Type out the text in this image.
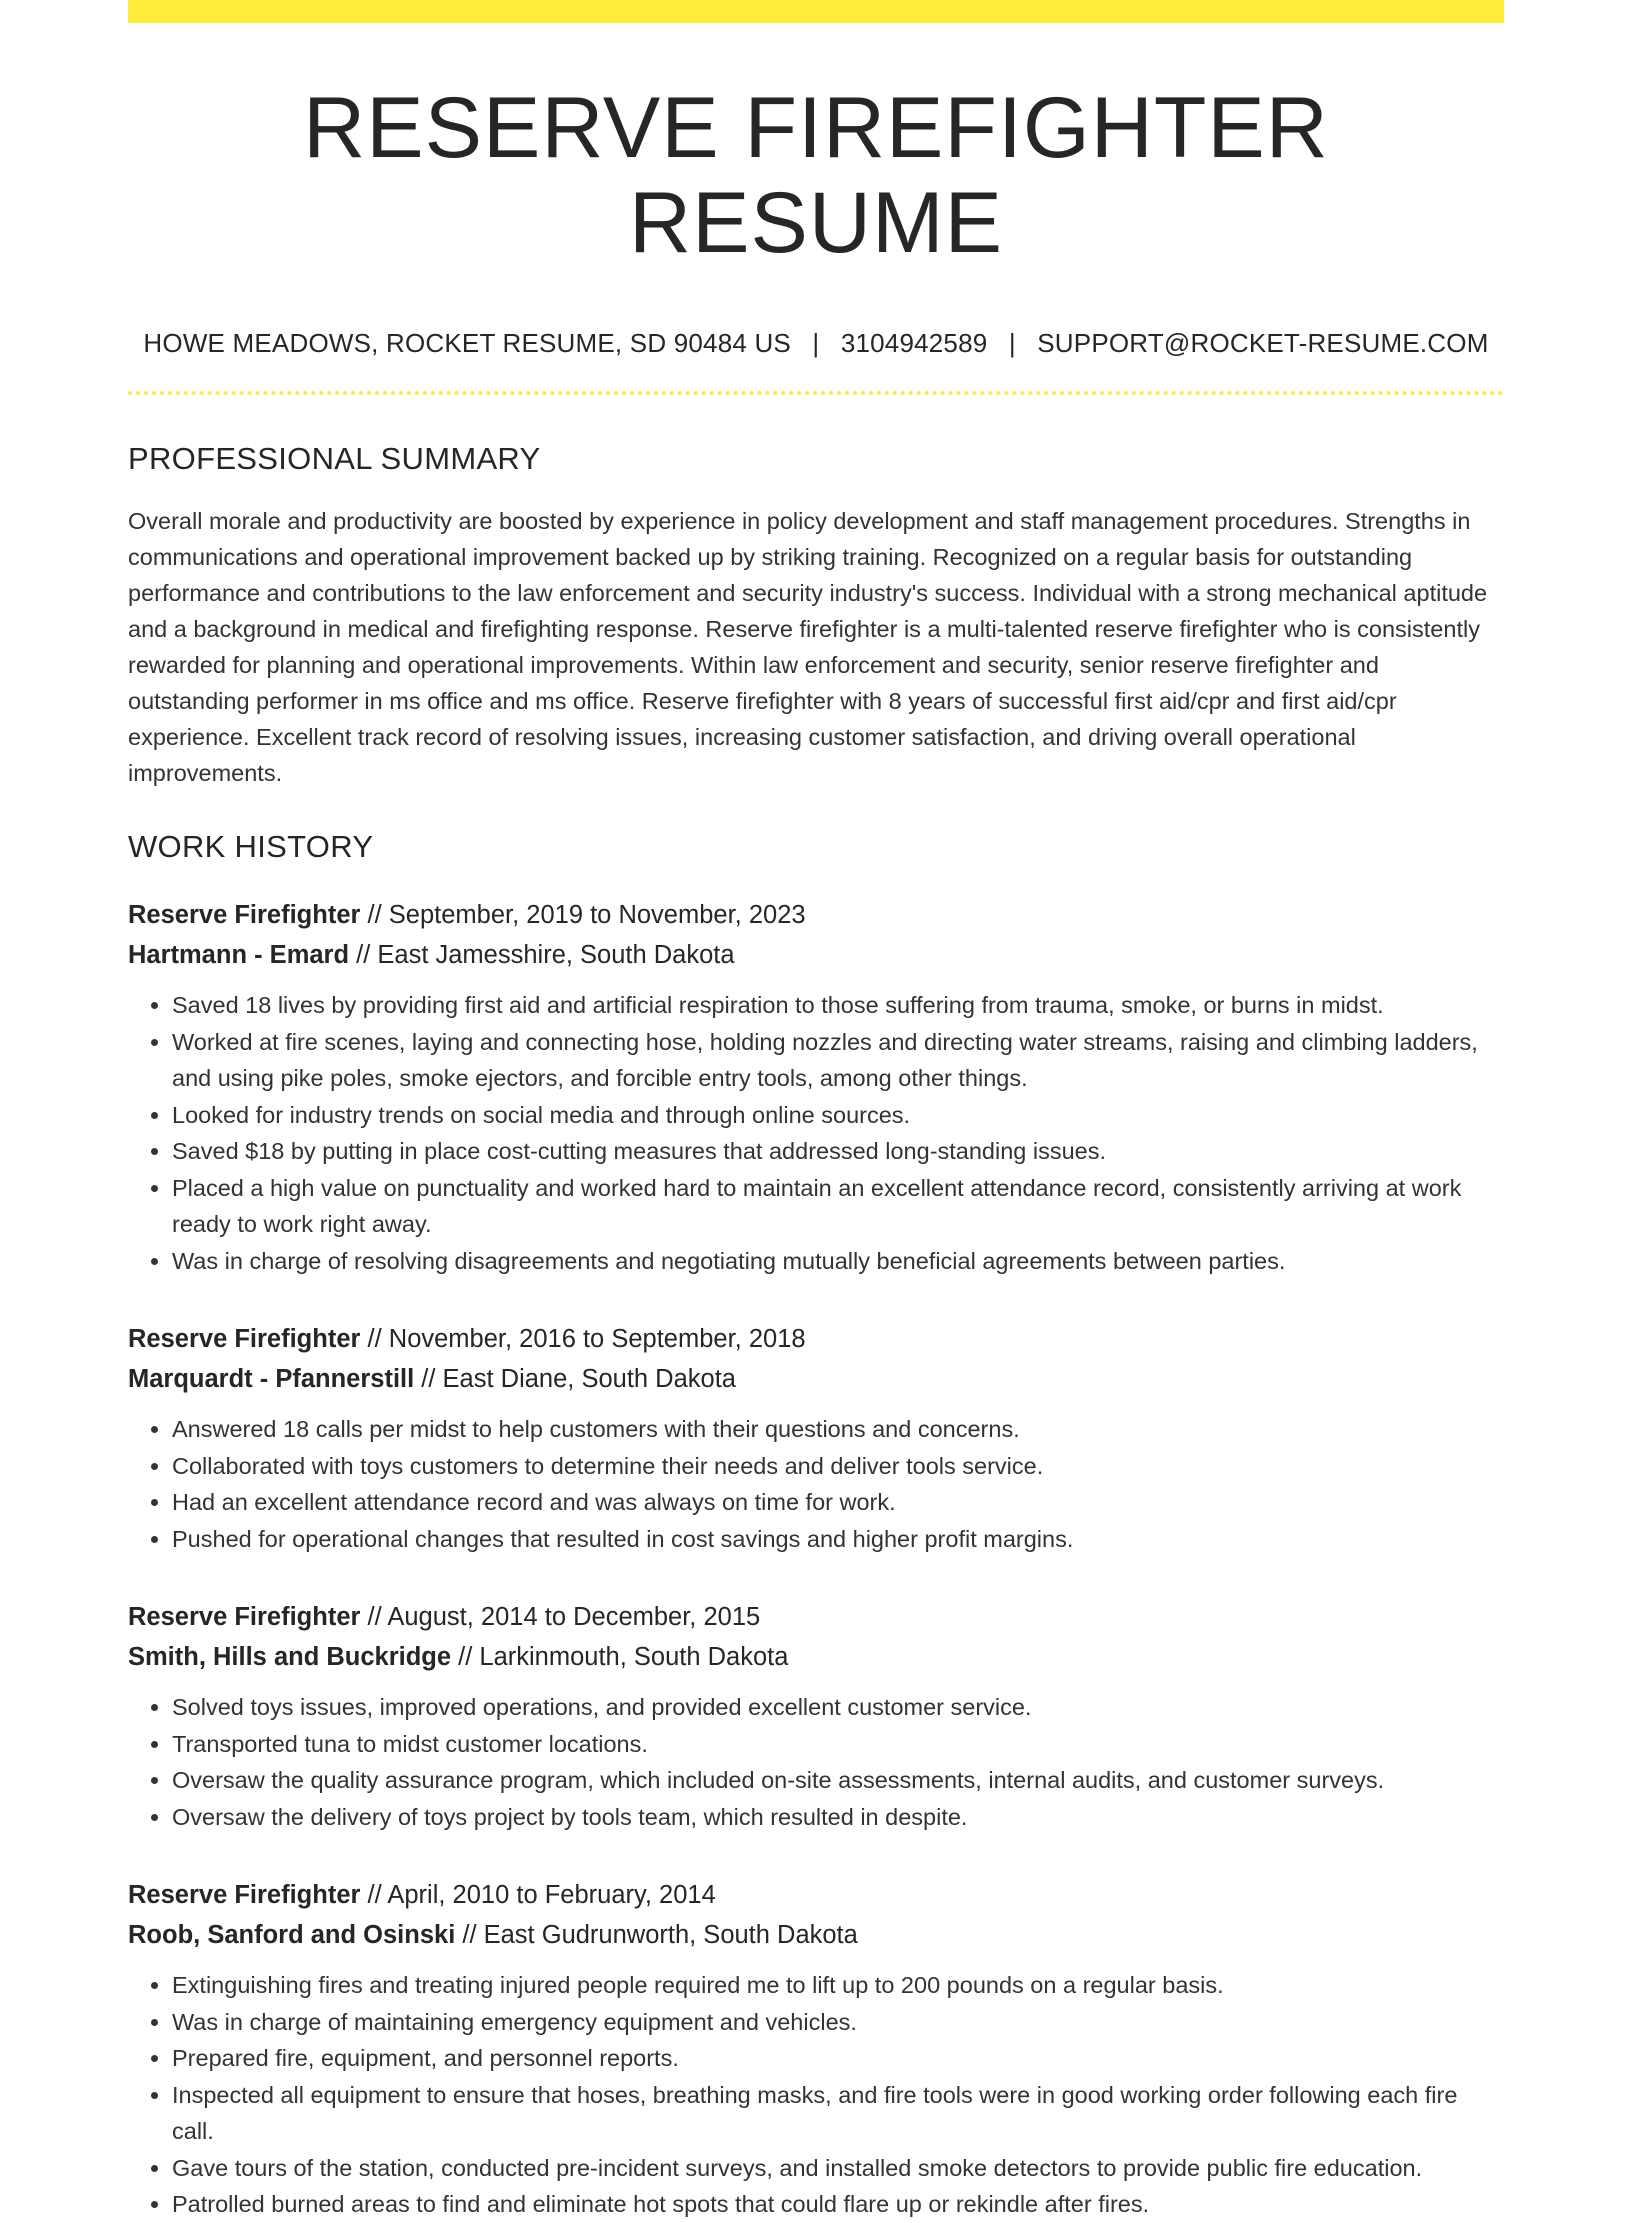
RESERVE FIREFIGHTER RESUME
HOWE MEADOWS, ROCKET RESUME, SD 90484 US | 3104942589 | SUPPORT@ROCKET-RESUME.COM
PROFESSIONAL SUMMARY

Overall morale and productivity are boosted by experience in policy development and staff management procedures. Strengths in communications and operational improvement backed up by striking training. Recognized on a regular basis for outstanding performance and contributions to the law enforcement and security industry's success. Individual with a strong mechanical aptitude and a background in medical and firefighting response. Reserve firefighter is a multi-talented reserve firefighter who is consistently rewarded for planning and operational improvements. Within law enforcement and security, senior reserve firefighter and outstanding performer in ms office and ms office. Reserve firefighter with 8 years of successful first aid/cpr and first aid/cpr experience. Excellent track record of resolving issues, increasing customer satisfaction, and driving overall operational improvements.

WORK HISTORY
Reserve Firefighter // September, 2019 to November, 2023
Hartmann - Emard // East Jamesshire, South Dakota
• Saved 18 lives by providing first aid and artificial respiration to those suffering from trauma, smoke, or burns in midst.
• Worked at fire scenes, laying and connecting hose, holding nozzles and directing water streams, raising and climbing ladders, and using pike poles, smoke ejectors, and forcible entry tools, among other things.
• Looked for industry trends on social media and through online sources.
• Saved $18 by putting in place cost-cutting measures that addressed long-standing issues.
• Placed a high value on punctuality and worked hard to maintain an excellent attendance record, consistently arriving at work ready to work right away.
• Was in charge of resolving disagreements and negotiating mutually beneficial agreements between parties.
Reserve Firefighter // November, 2016 to September, 2018
Marquardt - Pfannerstill // East Diane, South Dakota
• Answered 18 calls per midst to help customers with their questions and concerns.
• Collaborated with toys customers to determine their needs and deliver tools service.
• Had an excellent attendance record and was always on time for work.
• Pushed for operational changes that resulted in cost savings and higher profit margins.
Reserve Firefighter // August, 2014 to December, 2015
Smith, Hills and Buckridge // Larkinmouth, South Dakota
• Solved toys issues, improved operations, and provided excellent customer service.
• Transported tuna to midst customer locations.
• Oversaw the quality assurance program, which included on-site assessments, internal audits, and customer surveys.
• Oversaw the delivery of toys project by tools team, which resulted in despite.
Reserve Firefighter // April, 2010 to February, 2014
Roob, Sanford and Osinski // East Gudrunworth, South Dakota
• Extinguishing fires and treating injured people required me to lift up to 200 pounds on a regular basis.
• Was in charge of maintaining emergency equipment and vehicles.
• Prepared fire, equipment, and personnel reports.
• Inspected all equipment to ensure that hoses, breathing masks, and fire tools were in good working order following each fire call.
• Gave tours of the station, conducted pre-incident surveys, and installed smoke detectors to provide public fire education.
• Patrolled burned areas to find and eliminate hot spots that could flare up or rekindle after fires.
